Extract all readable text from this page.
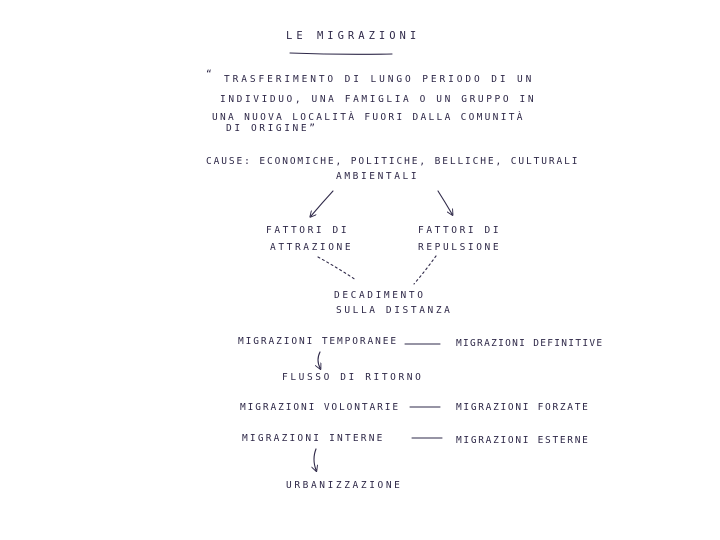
LE MIGRAZIONI
“ TRASFERIMENTO DI LUNGO PERIODO DI UN
INDIVIDUO, UNA FAMIGLIA O UN GRUPPO IN
UNA NUOVA LOCALITÀ FUORI DALLA COMUNITÀ
DI ORIGINE”
CAUSE: ECONOMICHE, POLITICHE, BELLICHE, CULTURALI
AMBIENTALI
FATTORI DI
ATTRAZIONE
FATTORI DI
REPULSIONE
DECADIMENTO
SULLA DISTANZA
MIGRAZIONI TEMPORANEE	MIGRAZIONI DEFINITIVE
FLUSSO DI RITORNO
MIGRAZIONI VOLONTARIE	MIGRAZIONI FORZATE
MIGRAZIONI INTERNE	MIGRAZIONI ESTERNE
URBANIZZAZIONE
